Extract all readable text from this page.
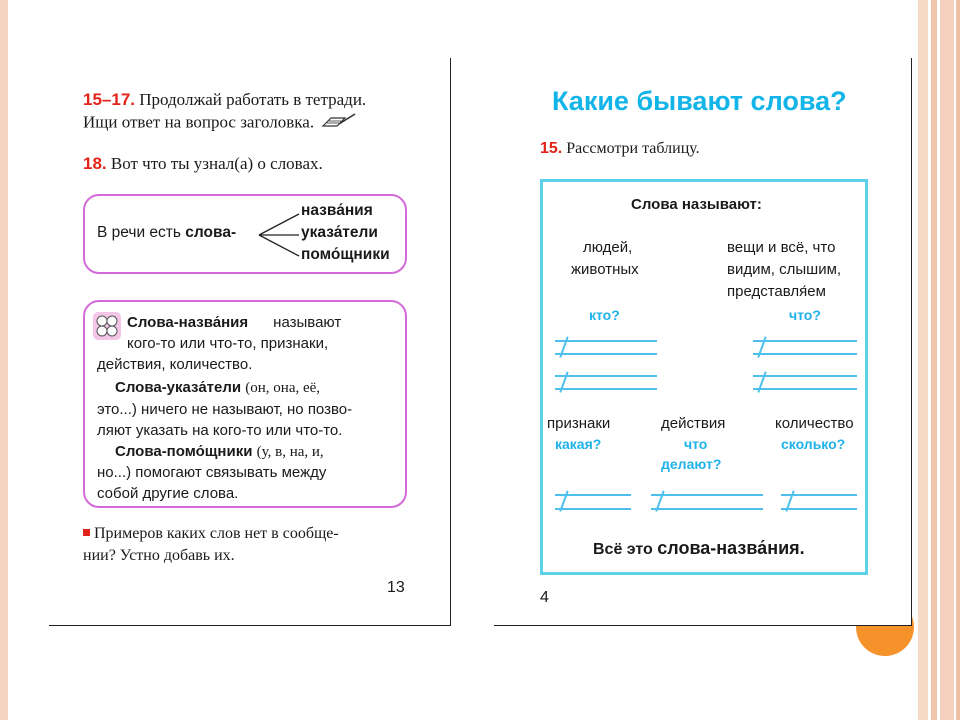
15–17. Продолжай работать в тетради.
Ищи ответ на вопрос заголовка.
18. Вот что ты узнал(а) о словах.
В речи есть слова-
назва́ния
указа́тели
помо́щники
Слова-назва́ния называют
кого-то или что-то, признаки,
действия, количество.
Слова-указа́тели (он, она, её,
это...) ничего не называют, но позво-
ляют указать на кого-то или что-то.
Слова-помо́щники (у, в, на, и,
но...) помогают связывать между
собой другие слова.
Примеров каких слов нет в сообще-
нии? Устно добавь их.
13
Какие бывают слова?
15. Рассмотри таблицу.
Слова называют:
людей,
животных
кто?
вещи и всё, что
видим, слышим,
представля́ем
что?
признаки
какая?
действия
что
делают?
количество
сколько?
Всё это слова-назва́ния.
4
